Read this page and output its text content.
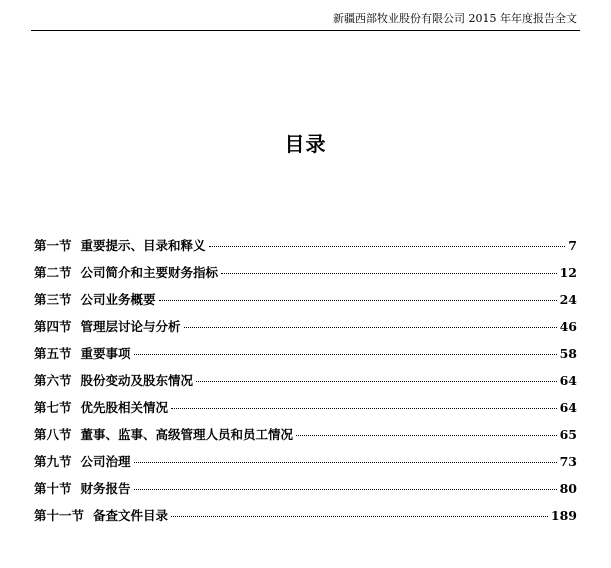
新疆西部牧业股份有限公司 2015 年年度报告全文
目录
第一节 重要提示、目录和释义	7
第二节 公司简介和主要财务指标	12
第三节 公司业务概要	24
第四节 管理层讨论与分析	46
第五节 重要事项	58
第六节 股份变动及股东情况	64
第七节 优先股相关情况	64
第八节 董事、监事、高级管理人员和员工情况	65
第九节 公司治理	73
第十节 财务报告	80
第十一节 备查文件目录	189
